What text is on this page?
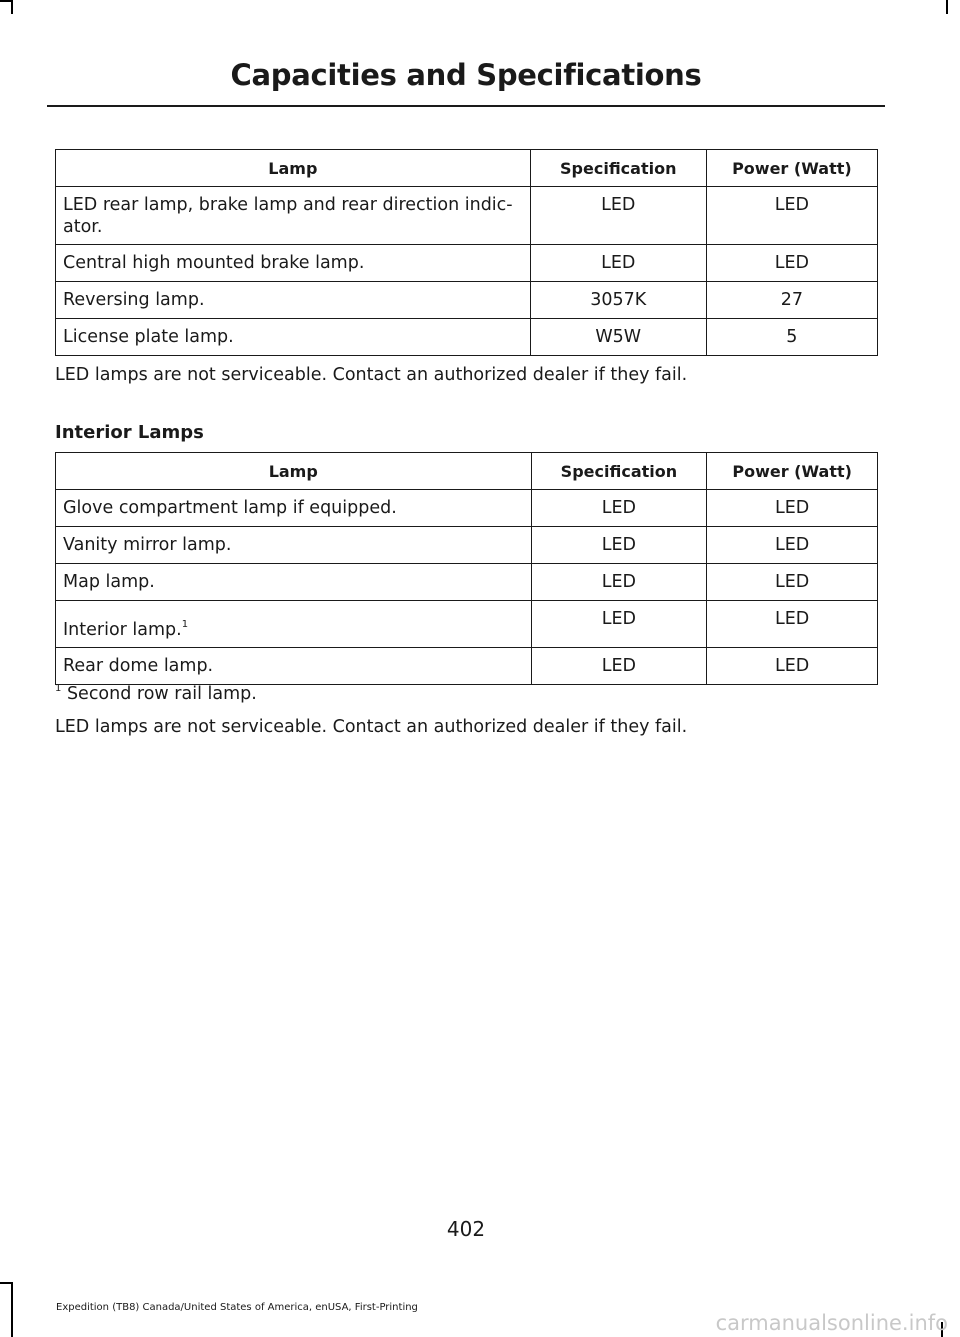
Capacities and Specifications
Lamp	Specification	Power (Watt)
LED rear lamp, brake lamp and rear direction indic-
ator.	LED	LED
Central high mounted brake lamp.	LED	LED
Reversing lamp.	3057K	27
License plate lamp.	W5W	5
LED lamps are not serviceable. Contact an authorized dealer if they fail.
Interior Lamps
Lamp	Specification	Power (Watt)
Glove compartment lamp if equipped.	LED	LED
Vanity mirror lamp.	LED	LED
Map lamp.	LED	LED
Interior lamp.$^1$	LED	LED
Rear dome lamp.	LED	LED
$^1$ Second row rail lamp.
LED lamps are not serviceable. Contact an authorized dealer if they fail.
402
Expedition (TB8) Canada/United States of America, enUSA, First-Printing
carmanualsonline.info
